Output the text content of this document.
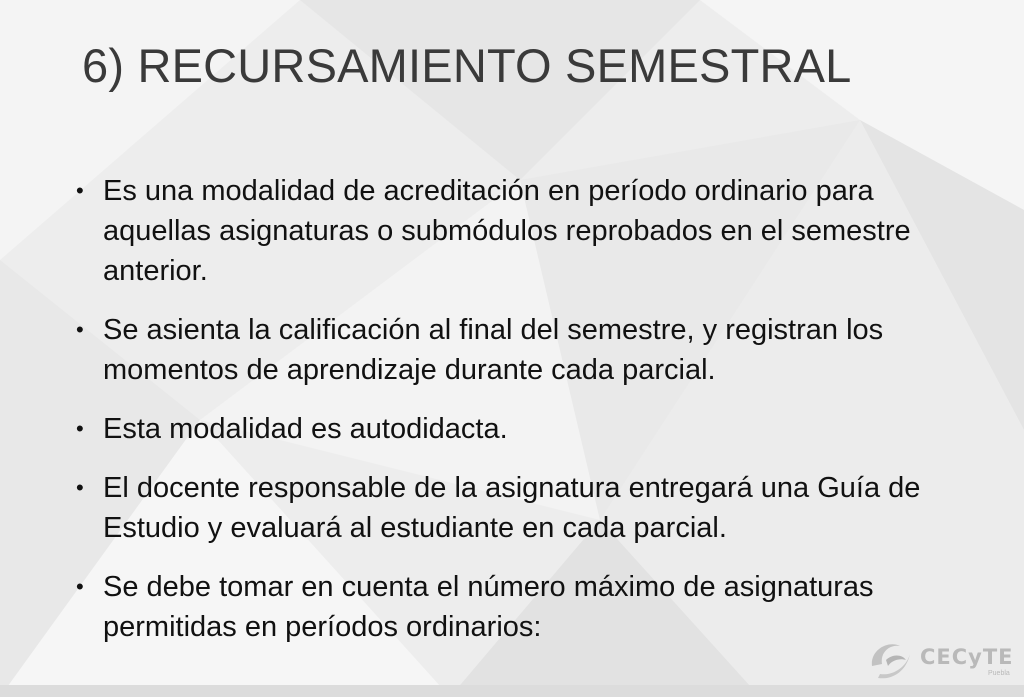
6) RECURSAMIENTO SEMESTRAL
• Es una modalidad de acreditación en período ordinario para aquellas asignaturas o submódulos reprobados en el semestre anterior.
• Se asienta la calificación al final del semestre, y registran los momentos de aprendizaje durante cada parcial.
• Esta modalidad es autodidacta.
• El docente responsable de la asignatura entregará una Guía de Estudio y evaluará al estudiante en cada parcial.
• Se debe tomar en cuenta el número máximo de asignaturas permitidas en períodos ordinarios:
CECyTE
Puebla
